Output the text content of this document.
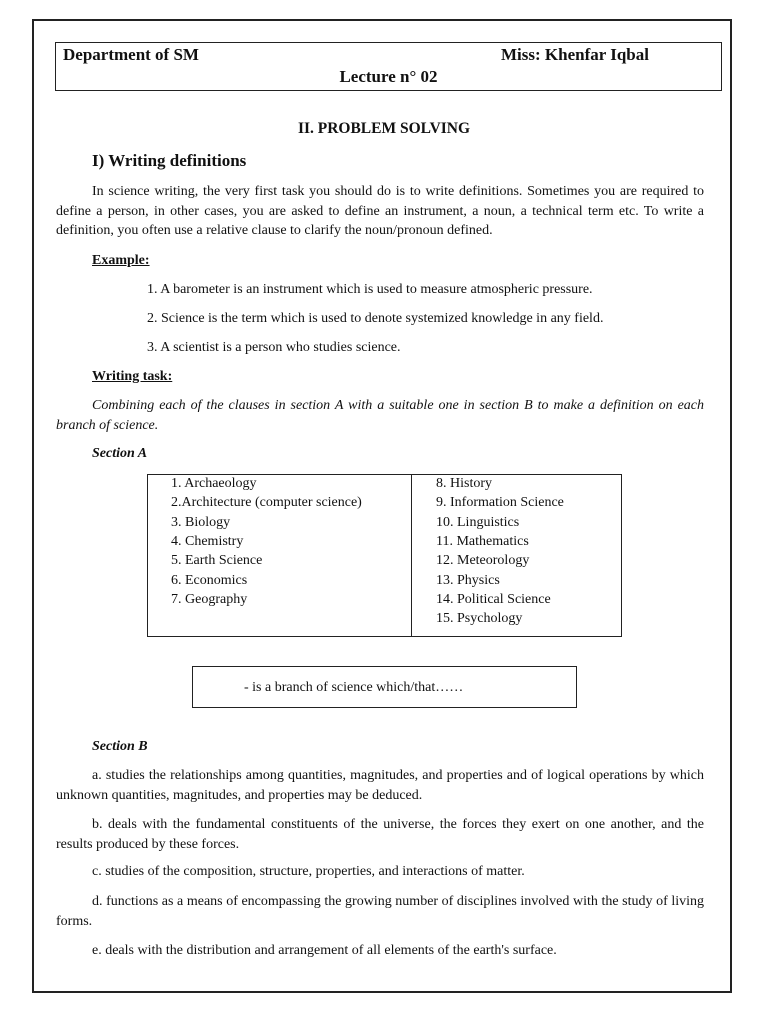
Department of SM	Miss: Khenfar Iqbal
Lecture n° 02
II. PROBLEM SOLVING
I) Writing definitions
In science writing, the very first task you should do is to write definitions. Sometimes you are required to define a person, in other cases, you are asked to define an instrument, a noun, a technical term etc. To write a definition, you often use a relative clause to clarify the noun/pronoun defined.
Example:
1. A barometer is an instrument which is used to measure atmospheric pressure.
2. Science is the term which is used to denote systemized knowledge in any field.
3. A scientist is a person who studies science.
Writing task:
Combining each of the clauses in section A with a suitable one in section B to make a definition on each branch of science.
Section A
1. Archaeology
2.Architecture (computer science)
3. Biology
4. Chemistry
5. Earth Science
6. Economics
7. Geography
8. History
9. Information Science
10. Linguistics
11. Mathematics
12. Meteorology
13. Physics
14. Political Science
15. Psychology
- is a branch of science which/that……
Section B
a. studies the relationships among quantities, magnitudes, and properties and of logical operations by which unknown quantities, magnitudes, and properties may be deduced.
b. deals with the fundamental constituents of the universe, the forces they exert on one another, and the results produced by these forces.
c. studies of the composition, structure, properties, and interactions of matter.
d. functions as a means of encompassing the growing number of disciplines involved with the study of living forms.
e. deals with the distribution and arrangement of all elements of the earth's surface.
